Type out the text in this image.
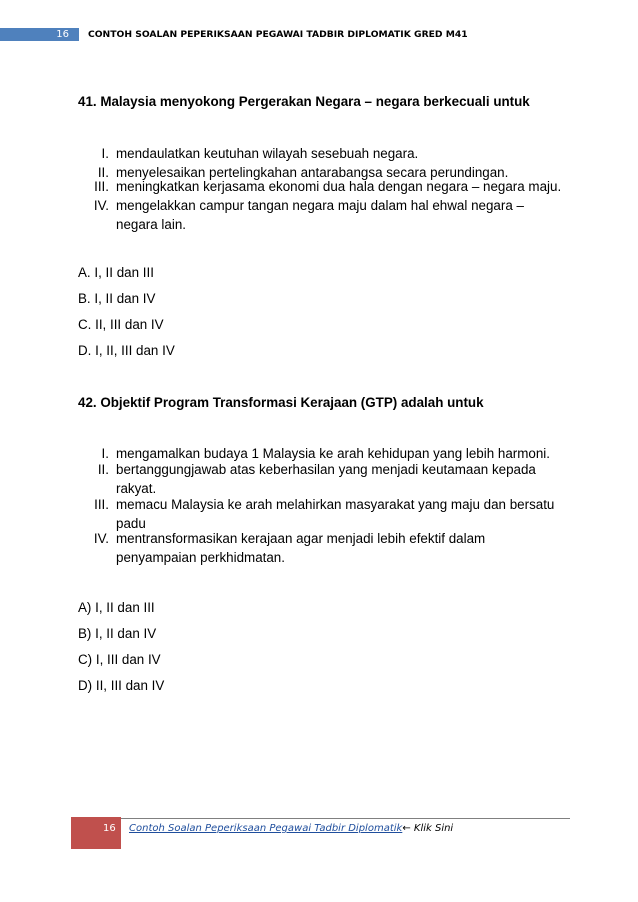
16	CONTOH SOALAN PEPERIKSAAN PEGAWAI TADBIR DIPLOMATIK GRED M41
41. Malaysia menyokong Pergerakan Negara – negara berkecuali untuk
I. mendaulatkan keutuhan wilayah sesebuah negara.
II. menyelesaikan pertelingkahan antarabangsa secara perundingan.
III. meningkatkan kerjasama ekonomi dua hala dengan negara – negara maju.
IV. mengelakkan campur tangan negara maju dalam hal ehwal negara – negara lain.
A. I, II dan III
B. I, II dan IV
C. II, III dan IV
D. I, II, III dan IV
42. Objektif Program Transformasi Kerajaan (GTP) adalah untuk
I. mengamalkan budaya 1 Malaysia ke arah kehidupan yang lebih harmoni.
II. bertanggungjawab atas keberhasilan yang menjadi keutamaan kepada rakyat.
III. memacu Malaysia ke arah melahirkan masyarakat yang maju dan bersatu padu
IV. mentransformasikan kerajaan agar menjadi lebih efektif dalam penyampaian perkhidmatan.
A) I, II dan III
B) I, II dan IV
C) I, III dan IV
D) II, III dan IV
16	Contoh Soalan Peperiksaan Pegawai Tadbir Diplomatik← Klik Sini
